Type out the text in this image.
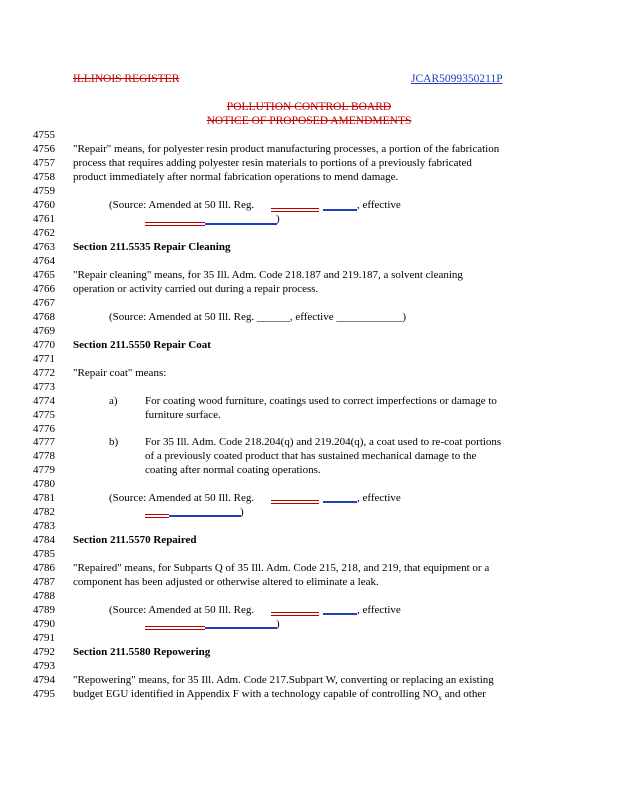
ILLINOIS REGISTER	JCAR5099350211P
POLLUTION CONTROL BOARD
NOTICE OF PROPOSED AMENDMENTS
4755
4756	"Repair" means, for polyester resin product manufacturing processes, a portion of the fabrication
4757	process that requires adding polyester resin materials to portions of a previously fabricated
4758	product immediately after normal fabrication operations to mend damage.
4759
4760	(Source: Amended at 50 Ill. Reg.	, effective
4761	)
4762
4763	Section 211.5535 Repair Cleaning
4764
4765	"Repair cleaning" means, for 35 Ill. Adm. Code 218.187 and 219.187, a solvent cleaning
4766	operation or activity carried out during a repair process.
4767
4768	(Source: Amended at 50 Ill. Reg. ______, effective ____________)
4769
4770	Section 211.5550 Repair Coat
4771
4772	"Repair coat" means:
4773
4774	a) For coating wood furniture, coatings used to correct imperfections or damage to
4775	furniture surface.
4776
4777	b) For 35 Ill. Adm. Code 218.204(q) and 219.204(q), a coat used to re-coat portions
4778	of a previously coated product that has sustained mechanical damage to the
4779	coating after normal coating operations.
4780
4781	(Source: Amended at 50 Ill. Reg.	, effective
4782	)
4783
4784	Section 211.5570 Repaired
4785
4786	"Repaired" means, for Subparts Q of 35 Ill. Adm. Code 215, 218, and 219, that equipment or a
4787	component has been adjusted or otherwise altered to eliminate a leak.
4788
4789	(Source: Amended at 50 Ill. Reg.	, effective
4790	)
4791
4792	Section 211.5580 Repowering
4793
4794	"Repowering" means, for 35 Ill. Adm. Code 217.Subpart W, converting or replacing an existing
4795	budget EGU identified in Appendix F with a technology capable of controlling $NO_x$ and other
